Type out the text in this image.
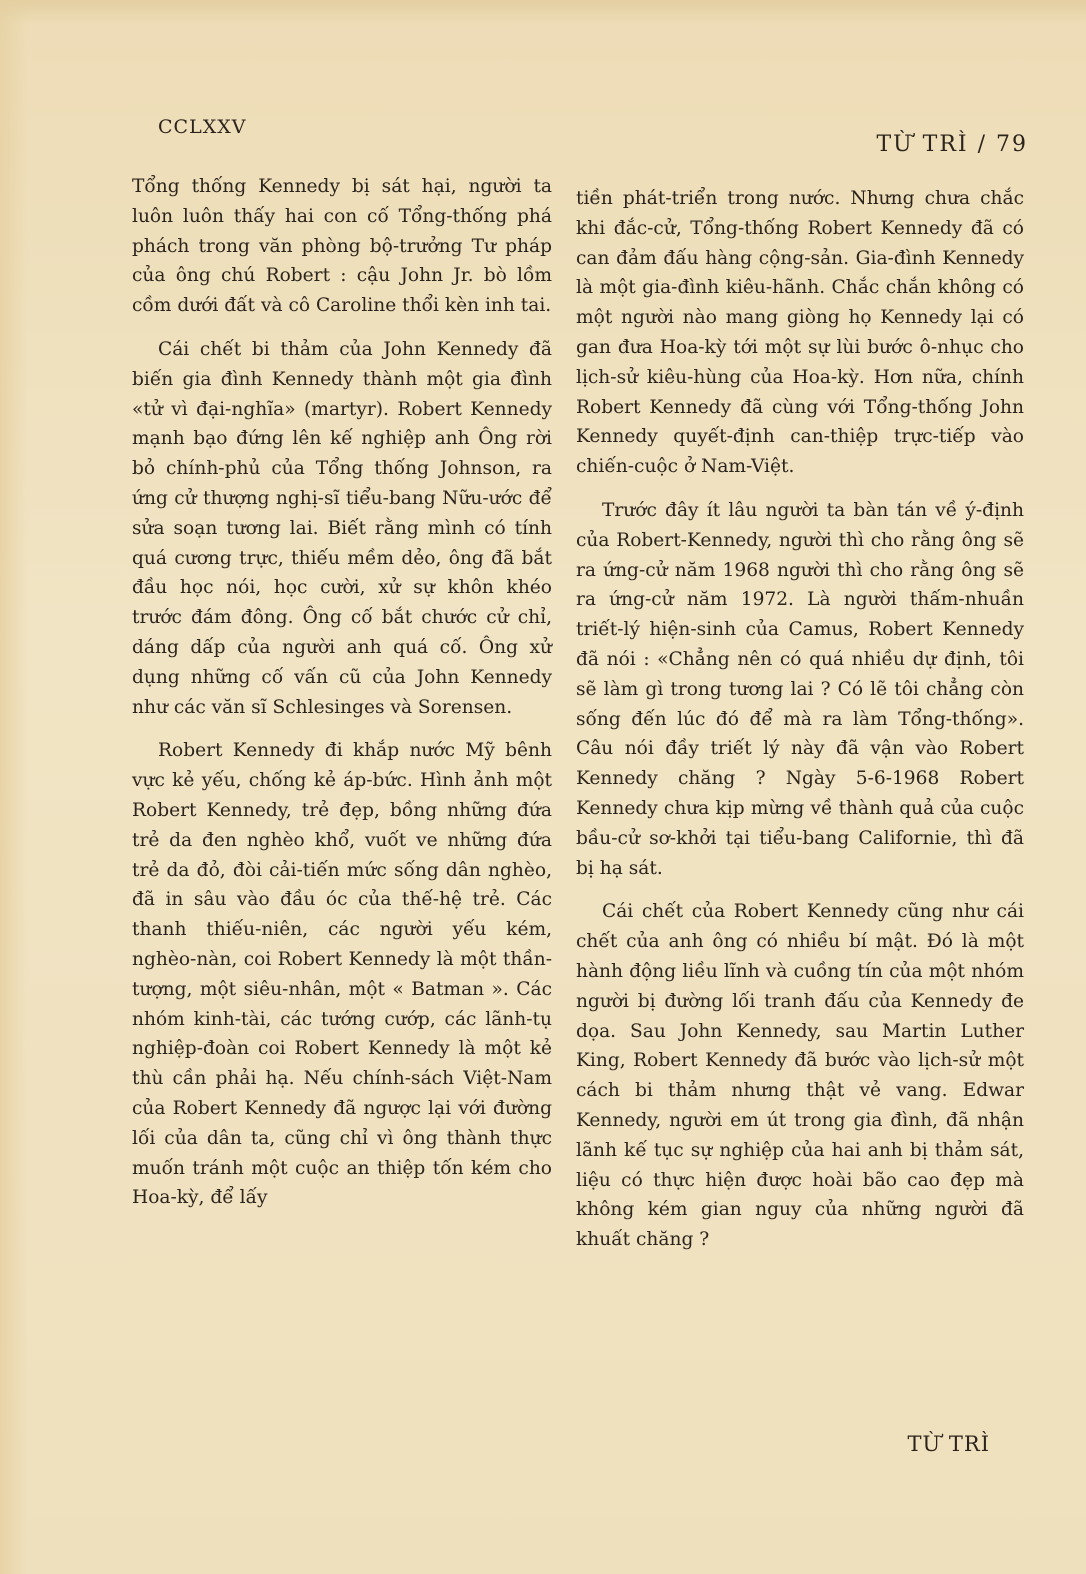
CCLXXV
TỪ TRÌ / 79

Tổng thống Kennedy bị sát hại, người ta luôn luôn thấy hai con cố Tổng-thống phá phách trong văn phòng bộ-trưởng Tư pháp của ông chú Robert : cậu John Jr. bò lồm cồm dưới đất và cô Caroline thổi kèn inh tai.

Cái chết bi thảm của John Kennedy đã biến gia đình Kennedy thành một gia đình «tử vì đại-nghĩa» (martyr). Robert Kennedy mạnh bạo đứng lên kế nghiệp anh Ông rời bỏ chính-phủ của Tổng thống Johnson, ra ứng cử thượng nghị-sĩ tiểu-bang Nữu-ước để sửa soạn tương lai. Biết rằng mình có tính quá cương trực, thiếu mềm dẻo, ông đã bắt đầu học nói, học cười, xử sự khôn khéo trước đám đông. Ông cố bắt chước cử chỉ, dáng dấp của người anh quá cố. Ông xử dụng những cố vấn cũ của John Kennedy như các văn sĩ Schlesinges và Sorensen.

Robert Kennedy đi khắp nước Mỹ bênh vực kẻ yếu, chống kẻ áp-bức. Hình ảnh một Robert Kennedy, trẻ đẹp, bồng những đứa trẻ da đen nghèo khổ, vuốt ve những đứa trẻ da đỏ, đòi cải-tiến mức sống dân nghèo, đã in sâu vào đầu óc của thế-hệ trẻ. Các thanh thiếu-niên, các người yếu kém, nghèo-nàn, coi Robert Kennedy là một thần-tượng, một siêu-nhân, một « Batman ». Các nhóm kinh-tài, các tướng cướp, các lãnh-tụ nghiệp-đoàn coi Robert Kennedy là một kẻ thù cần phải hạ. Nếu chính-sách Việt-Nam của Robert Kennedy đã ngược lại với đường lối của dân ta, cũng chỉ vì ông thành thực muốn tránh một cuộc an thiệp tốn kém cho Hoa-kỳ, để lấy

tiền phát-triển trong nước. Nhưng chưa chắc khi đắc-cử, Tổng-thống Robert Kennedy đã có can đảm đấu hàng cộng-sản. Gia-đình Kennedy là một gia-đình kiêu-hãnh. Chắc chắn không có một người nào mang giòng họ Kennedy lại có gan đưa Hoa-kỳ tới một sự lùi bước ô-nhục cho lịch-sử kiêu-hùng của Hoa-kỳ. Hơn nữa, chính Robert Kennedy đã cùng với Tổng-thống John Kennedy quyết-định can-thiệp trực-tiếp vào chiến-cuộc ở Nam-Việt.

Trước đây ít lâu người ta bàn tán về ý-định của Robert-Kennedy, người thì cho rằng ông sẽ ra ứng-cử năm 1968 người thì cho rằng ông sẽ ra ứng-cử năm 1972. Là người thấm-nhuần triết-lý hiện-sinh của Camus, Robert Kennedy đã nói : «Chẳng nên có quá nhiều dự định, tôi sẽ làm gì trong tương lai ? Có lẽ tôi chẳng còn sống đến lúc đó để mà ra làm Tổng-thống». Câu nói đầy triết lý này đã vận vào Robert Kennedy chăng ? Ngày 5-6-1968 Robert Kennedy chưa kịp mừng về thành quả của cuộc bầu-cử sơ-khởi tại tiểu-bang Californie, thì đã bị hạ sát.

Cái chết của Robert Kennedy cũng như cái chết của anh ông có nhiều bí mật. Đó là một hành động liều lĩnh và cuồng tín của một nhóm người bị đường lối tranh đấu của Kennedy đe dọa. Sau John Kennedy, sau Martin Luther King, Robert Kennedy đã bước vào lịch-sử một cách bi thảm nhưng thật vẻ vang. Edwar Kennedy, người em út trong gia đình, đã nhận lãnh kế tục sự nghiệp của hai anh bị thảm sát, liệu có thực hiện được hoài bão cao đẹp mà không kém gian nguy của những người đã khuất chăng ?

TỪ TRÌ
